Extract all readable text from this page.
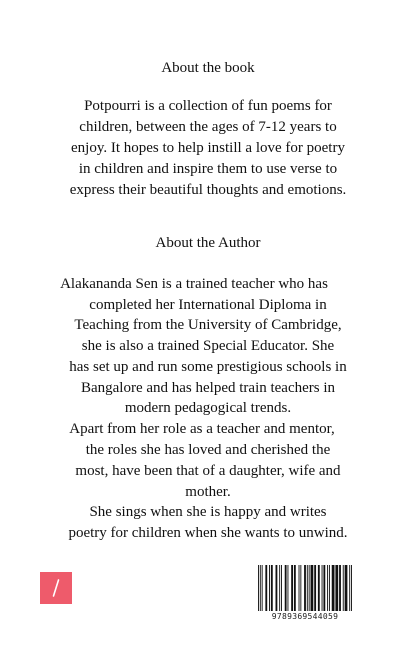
About the book

Potpourri is a collection of fun poems for

children, between the ages of 7-12 years to

enjoy. It hopes to help instill a love for poetry

in children and inspire them to use verse to

express their beautiful thoughts and emotions.

About the Author

Alakananda Sen is a trained teacher who has

completed her International Diploma in

Teaching from the University of Cambridge,

she is also a trained Special Educator. She

has set up and run some prestigious schools in

Bangalore and has helped train teachers in

modern pedagogical trends.

Apart from her role as a teacher and mentor,

the roles she has loved and cherished the

most, have been that of a daughter, wife and

mother.

She sings when she is happy and writes

poetry for children when she wants to unwind.

9789369544059
